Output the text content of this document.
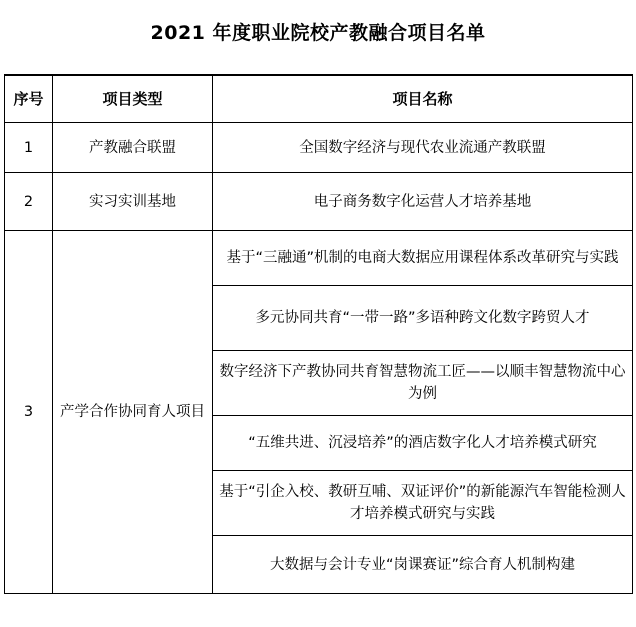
2021 年度职业院校产教融合项目名单
序号	项目类型	项目名称
1	产教融合联盟	全国数字经济与现代农业流通产教联盟
2	实习实训基地	电子商务数字化运营人才培养基地
3	产学合作协同育人项目	基于“三融通”机制的电商大数据应用课程体系改革研究与实践
		多元协同共育“一带一路”多语种跨文化数字跨贸人才
		数字经济下产教协同共育智慧物流工匠——以顺丰智慧物流中心为例
		“五维共进、沉浸培养”的酒店数字化人才培养模式研究
		基于“引企入校、教研互哺、双证评价”的新能源汽车智能检测人才培养模式研究与实践
		大数据与会计专业“岗课赛证”综合育人机制构建
